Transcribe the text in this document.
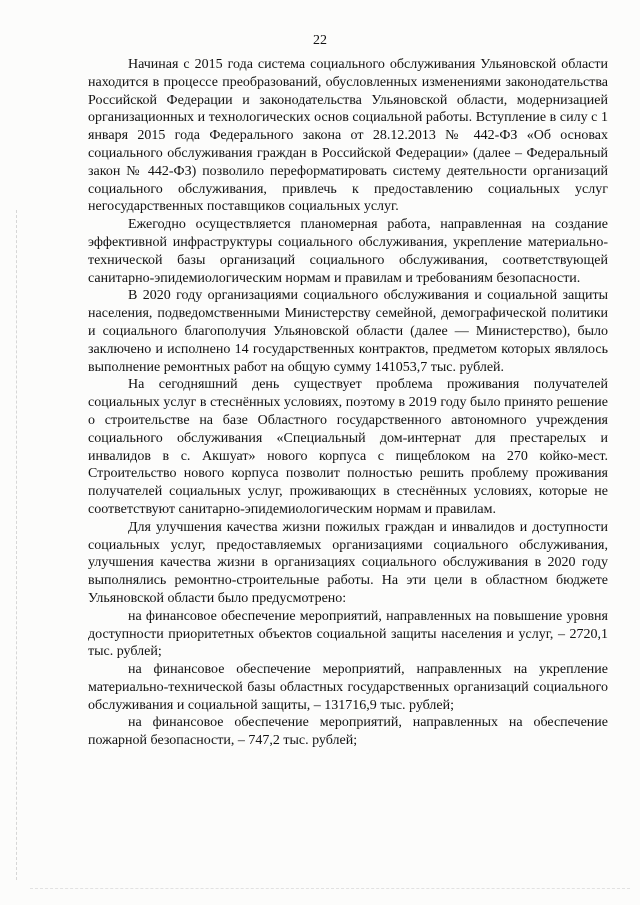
22

Начиная с 2015 года система социального обслуживания Ульяновской области находится в процессе преобразований, обусловленных изменениями законодательства Российской Федерации и законодательства Ульяновской области, модернизацией организационных и технологических основ социальной работы. Вступление в силу с 1 января 2015 года Федерального закона от 28.12.2013 № 442-ФЗ «Об основах социального обслуживания граждан в Российской Федерации» (далее – Федеральный закон № 442-ФЗ) позволило переформатировать систему деятельности организаций социального обслуживания, привлечь к предоставлению социальных услуг негосударственных поставщиков социальных услуг.

Ежегодно осуществляется планомерная работа, направленная на создание эффективной инфраструктуры социального обслуживания, укрепление материально-технической базы организаций социального обслуживания, соответствующей санитарно-эпидемиологическим нормам и правилам и требованиям безопасности.

В 2020 году организациями социального обслуживания и социальной защиты населения, подведомственными Министерству семейной, демографической политики и социального благополучия Ульяновской области (далее — Министерство), было заключено и исполнено 14 государственных контрактов, предметом которых являлось выполнение ремонтных работ на общую сумму 141053,7 тыс. рублей.

На сегодняшний день существует проблема проживания получателей социальных услуг в стеснённых условиях, поэтому в 2019 году было принято решение о строительстве на базе Областного государственного автономного учреждения социального обслуживания «Специальный дом-интернат для престарелых и инвалидов в с. Акшуат» нового корпуса с пищеблоком на 270 койко-мест. Строительство нового корпуса позволит полностью решить проблему проживания получателей социальных услуг, проживающих в стеснённых условиях, которые не соответствуют санитарно-эпидемиологическим нормам и правилам.

Для улучшения качества жизни пожилых граждан и инвалидов и доступности социальных услуг, предоставляемых организациями социального обслуживания, улучшения качества жизни в организациях социального обслуживания в 2020 году выполнялись ремонтно-строительные работы. На эти цели в областном бюджете Ульяновской области было предусмотрено:

на финансовое обеспечение мероприятий, направленных на повышение уровня доступности приоритетных объектов социальной защиты населения и услуг, – 2720,1 тыс. рублей;

на финансовое обеспечение мероприятий, направленных на укрепление материально-технической базы областных государственных организаций социального обслуживания и социальной защиты, – 131716,9 тыс. рублей;

на финансовое обеспечение мероприятий, направленных на обеспечение пожарной безопасности, – 747,2 тыс. рублей;
